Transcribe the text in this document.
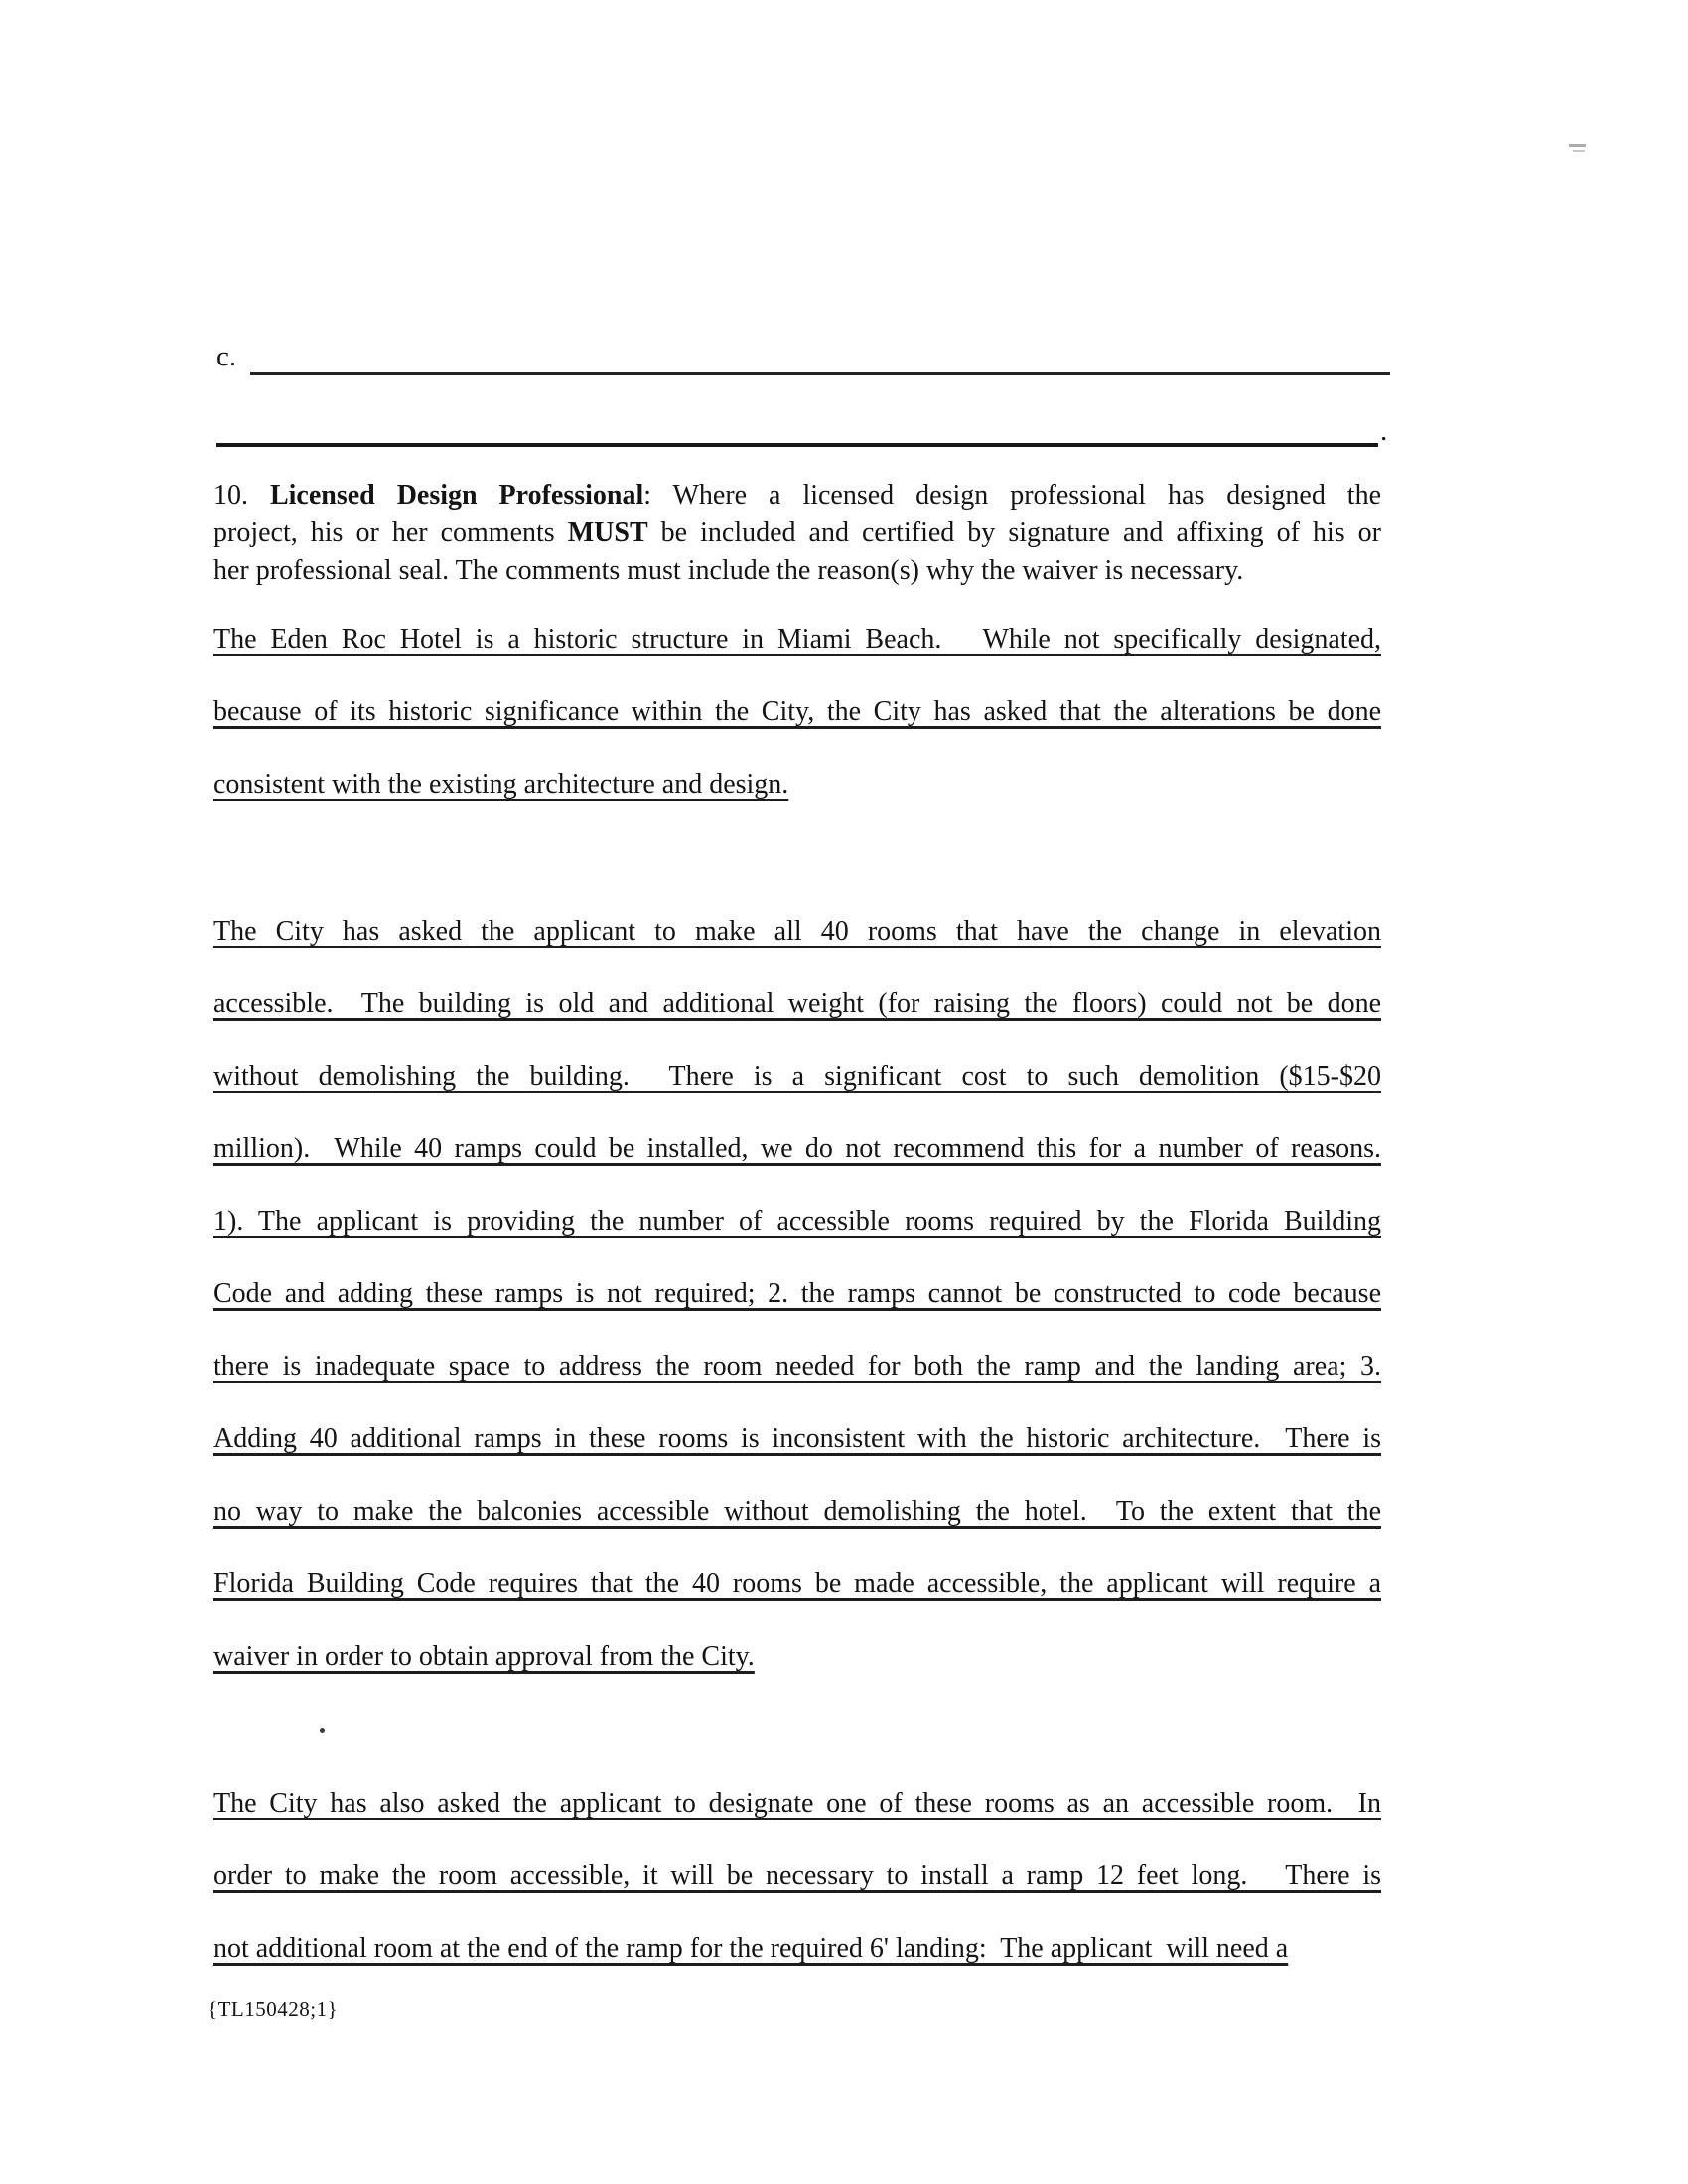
c.
.
10. Licensed Design Professional: Where a licensed design professional has designed the
project, his or her comments MUST be included and certified by signature and affixing of his or
her professional seal. The comments must include the reason(s) why the waiver is necessary.
The Eden Roc Hotel is a historic structure in Miami Beach.   While not specifically designated,
because of its historic significance within the City, the City has asked that the alterations be done
consistent with the existing architecture and design.
The City has asked the applicant to make all 40 rooms that have the change in elevation
accessible.  The building is old and additional weight (for raising the floors) could not be done
without demolishing the building.  There is a significant cost to such demolition ($15-$20
million).  While 40 ramps could be installed, we do not recommend this for a number of reasons.
1). The applicant is providing the number of accessible rooms required by the Florida Building
Code and adding these ramps is not required; 2. the ramps cannot be constructed to code because
there is inadequate space to address the room needed for both the ramp and the landing area; 3.
Adding 40 additional ramps in these rooms is inconsistent with the historic architecture.  There is
no way to make the balconies accessible without demolishing the hotel.  To the extent that the
Florida Building Code requires that the 40 rooms be made accessible, the applicant will require a
waiver in order to obtain approval from the City.
The City has also asked the applicant to designate one of these rooms as an accessible room.  In
order to make the room accessible, it will be necessary to install a ramp 12 feet long.   There is
not additional room at the end of the ramp for the required 6' landing:  The applicant  will need a
{TL150428;1}
